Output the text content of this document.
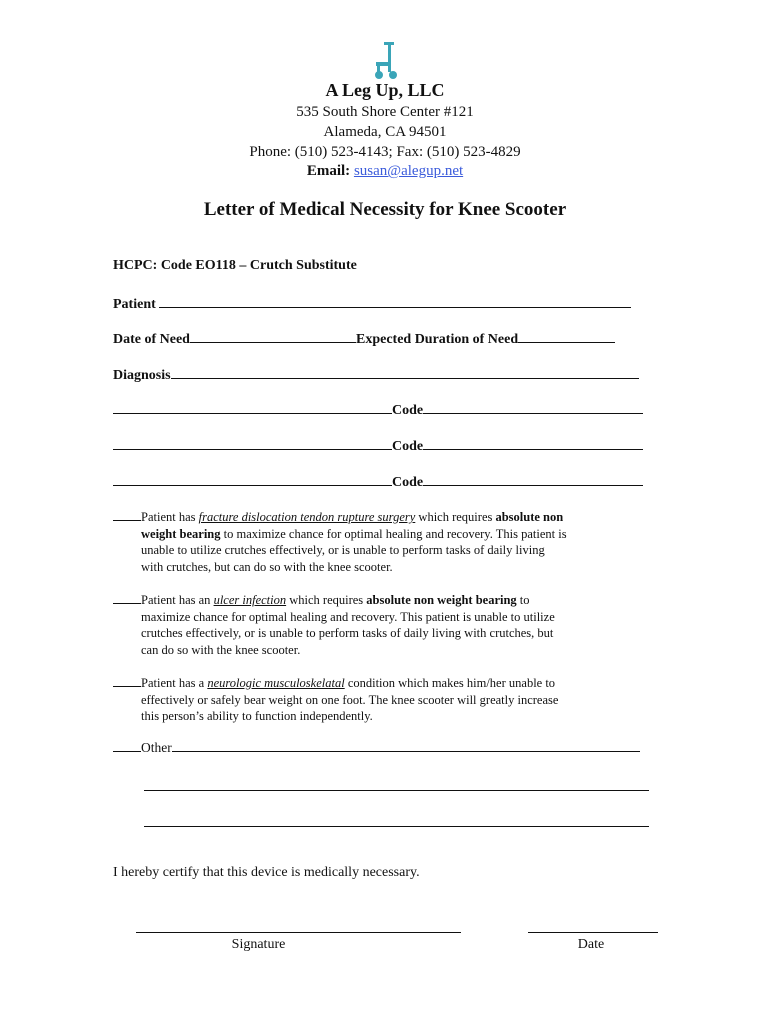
A Leg Up, LLC
535 South Shore Center #121
Alameda, CA 94501
Phone: (510) 523-4143; Fax: (510) 523-4829
Email: susan@alegup.net
Letter of Medical Necessity for Knee Scooter
HCPC: Code EO118 – Crutch Substitute
Patient
Date of Need	Expected Duration of Need
Diagnosis
Code
Code
Code
Patient has fracture dislocation tendon rupture surgery which requires absolute non
weight bearing to maximize chance for optimal healing and recovery. This patient is
unable to utilize crutches effectively, or is unable to perform tasks of daily living
with crutches, but can do so with the knee scooter.
Patient has an ulcer infection which requires absolute non weight bearing to
maximize chance for optimal healing and recovery. This patient is unable to utilize
crutches effectively, or is unable to perform tasks of daily living with crutches, but
can do so with the knee scooter.
Patient has a neurologic musculoskelatal condition which makes him/her unable to
effectively or safely bear weight on one foot. The knee scooter will greatly increase
this person’s ability to function independently.
Other
I hereby certify that this device is medically necessary.
Signature	Date
